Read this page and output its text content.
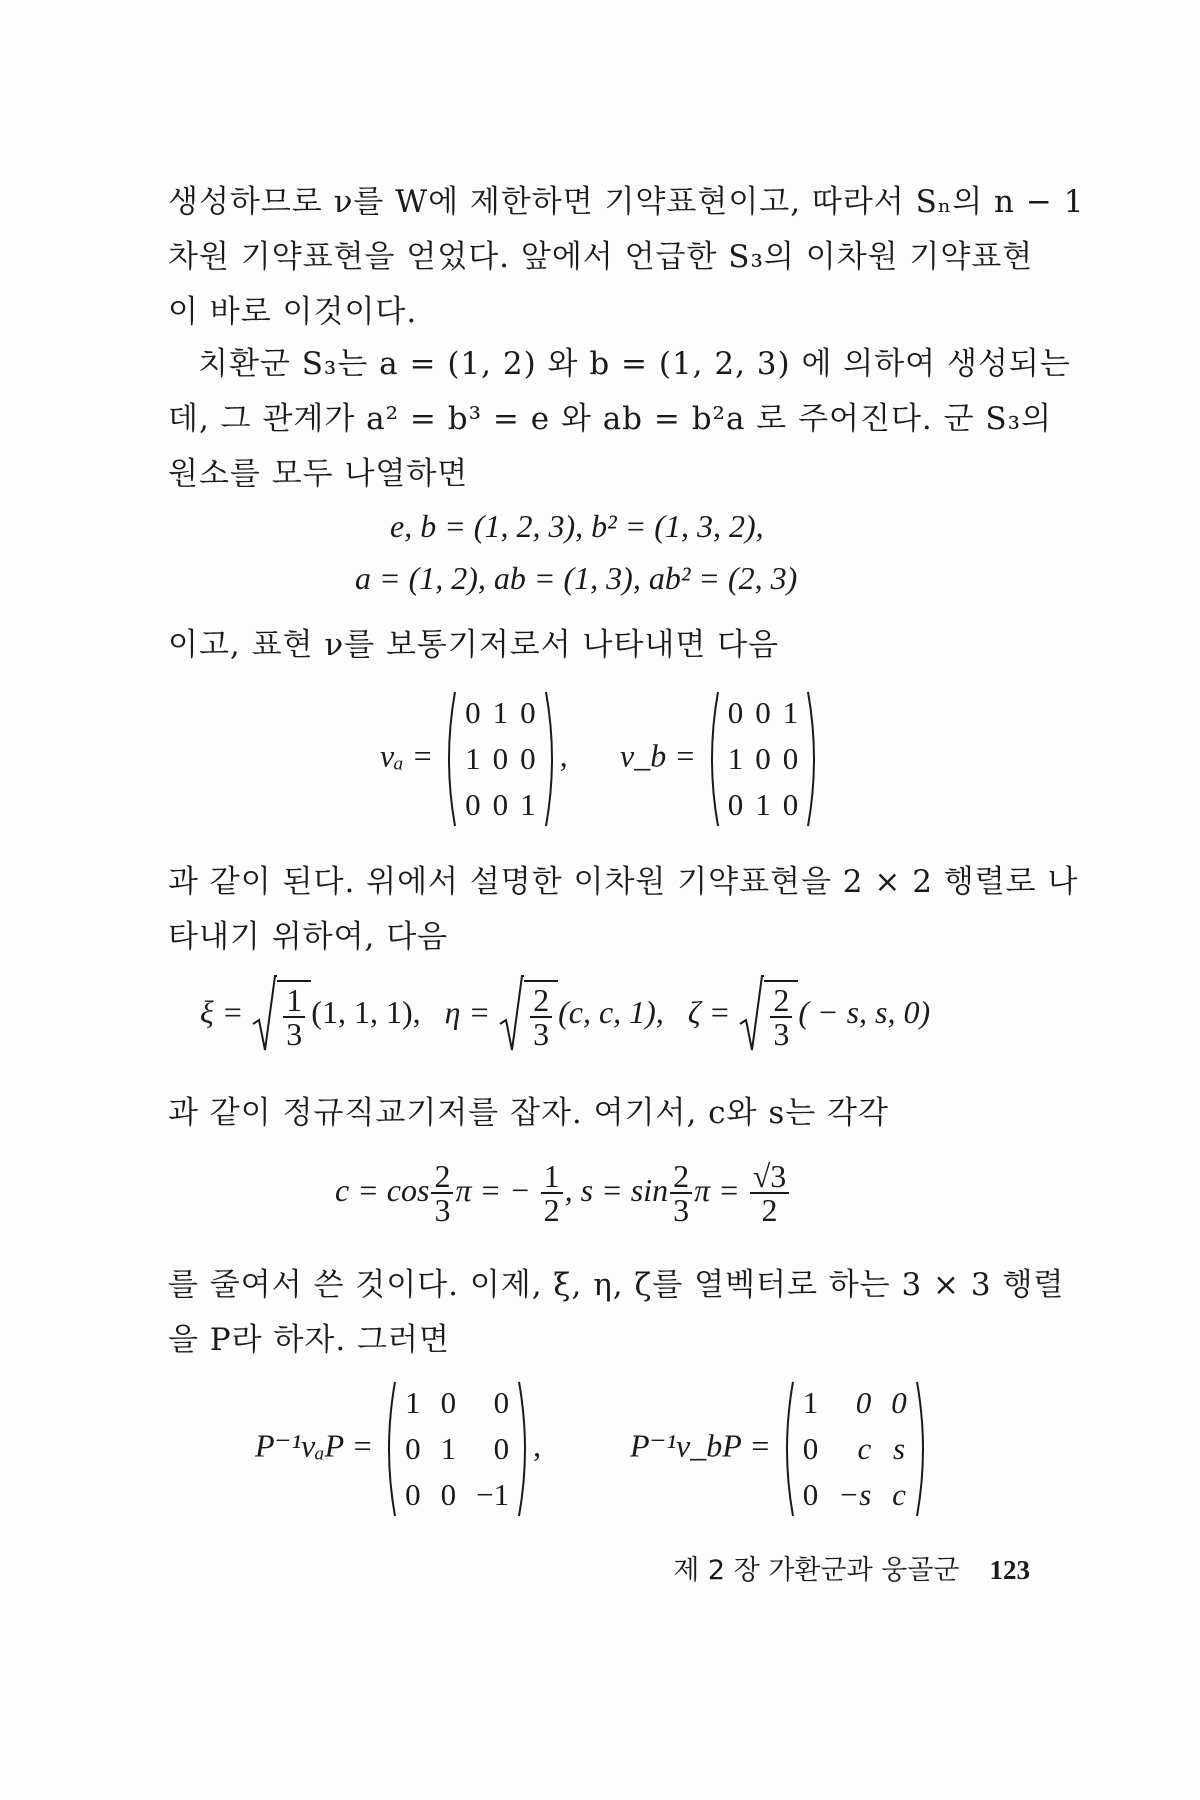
생성하므로 ν를 W에 제한하면 기약표현이고, 따라서 Sₙ의 n − 1
차원 기약표현을 얻었다. 앞에서 언급한 S₃의 이차원 기약표현
이 바로 이것이다.
치환군 S₃는 a = (1, 2) 와 b = (1, 2, 3) 에 의하여 생성되는
데, 그 관계가 a² = b³ = e 와 ab = b²a 로 주어진다. 군 S₃의
원소를 모두 나열하면
e, b = (1, 2, 3), b² = (1, 3, 2),
a = (1, 2), ab = (1, 3), ab² = (2, 3)
이고, 표현 ν를 보통기저로서 나타내면 다음
νₐ =
0	1	0
1	0	0
0	0	1
, ν_b =
0	0	1
1	0	0
0	1	0
과 같이 된다. 위에서 설명한 이차원 기약표현을 2 × 2 행렬로 나
타내기 위하여, 다음
$\xi = \frac{1}{3} (1$, 1, 1), $\eta = \frac{2}{3} (c$, c, 1), $\zeta = \frac{2}{3}$ ( − s, s, 0)
과 같이 정규직교기저를 잡자. 여기서, c와 s는 각각
$c = \cos \frac{2}{3}$ π = − $\frac{1}{2}$ , $s = \sin \frac{2}{3}$ $\pi = \frac{√3}{2}$
를 줄여서 쓴 것이다. 이제, ξ, η, ζ를 열벡터로 하는 3 × 3 행렬
을 P라 하자. 그러면
P⁻¹νₐP =
1	0	0
0	1	0
0	0	−1
,	P⁻¹ν_bP =
1	0	0
0	c	s
0	−s	c
제 2 장 가환군과 웅골군 123
